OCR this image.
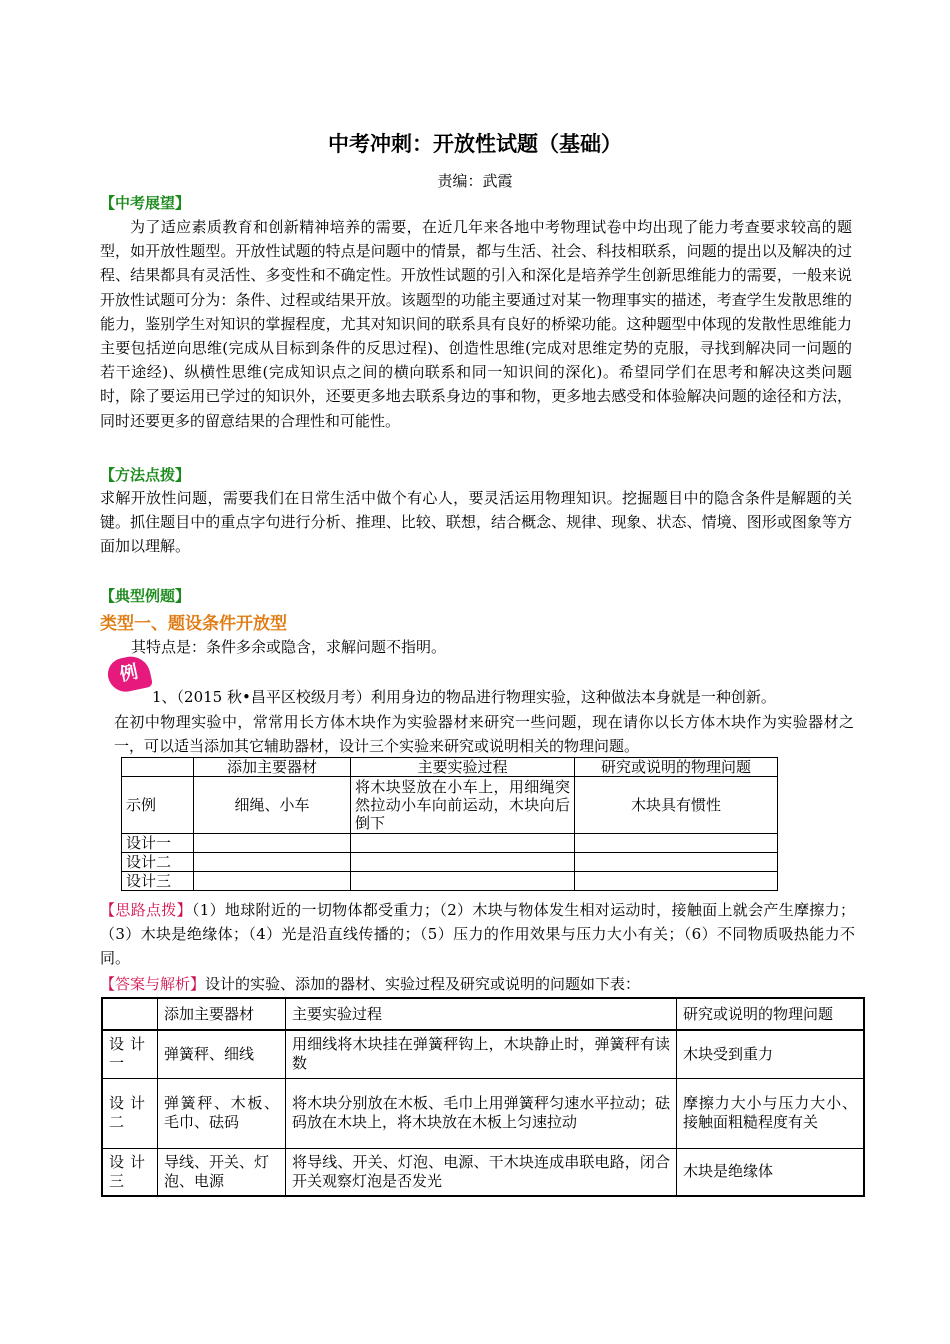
中考冲刺：开放性试题（基础）
责编：武霞
【中考展望】
为了适应素质教育和创新精神培养的需要，在近几年来各地中考物理试卷中均出现了能力考查要求较高的题型，如开放性题型。开放性试题的特点是问题中的情景，都与生活、社会、科技相联系，问题的提出以及解决的过程、结果都具有灵活性、多变性和不确定性。开放性试题的引入和深化是培养学生创新思维能力的需要，一般来说开放性试题可分为：条件、过程或结果开放。该题型的功能主要通过对某一物理事实的描述，考查学生发散思维的能力，鉴别学生对知识的掌握程度，尤其对知识间的联系具有良好的桥梁功能。这种题型中体现的发散性思维能力主要包括逆向思维(完成从目标到条件的反思过程)、创造性思维(完成对思维定势的克服，寻找到解决同一问题的若干途经)、纵横性思维(完成知识点之间的横向联系和同一知识间的深化)。希望同学们在思考和解决这类问题时，除了要运用已学过的知识外，还要更多地去联系身边的事和物，更多地去感受和体验解决问题的途径和方法，同时还要更多的留意结果的合理性和可能性。
【方法点拨】
求解开放性问题，需要我们在日常生活中做个有心人，要灵活运用物理知识。挖掘题目中的隐含条件是解题的关键。抓住题目中的重点字句进行分析、推理、比较、联想，结合概念、规律、现象、状态、情境、图形或图象等方面加以理解。
【典型例题】
类型一、题设条件开放型
其特点是：条件多余或隐含，求解问题不指明。
例
1、（2015 秋•昌平区校级月考）利用身边的物品进行物理实验，这种做法本身就是一种创新。
在初中物理实验中，常常用长方体木块作为实验器材来研究一些问题，现在请你以长方体木块作为实验器材之一，可以适当添加其它辅助器材，设计三个实验来研究或说明相关的物理问题。
	添加主要器材	主要实验过程	研究或说明的物理问题
示例	细绳、小车	将木块竖放在小车上，用细绳突然拉动小车向前运动，木块向后倒下	木块具有惯性
设计一			
设计二			
设计三			
【思路点拨】（1）地球附近的一切物体都受重力；（2）木块与物体发生相对运动时，接触面上就会产生摩擦力；（3）木块是绝缘体；（4）光是沿直线传播的；（5）压力的作用效果与压力大小有关；（6）不同物质吸热能力不同。
【答案与解析】设计的实验、添加的器材、实验过程及研究或说明的问题如下表：
	添加主要器材	主要实验过程	研究或说明的物理问题
设计一	弹簧秤、细线	用细线将木块挂在弹簧秤钩上，木块静止时，弹簧秤有读数	木块受到重力
设计二	弹簧秤、木板、毛巾、砝码	将木块分别放在木板、毛巾上用弹簧秤匀速水平拉动；砝码放在木块上，将木块放在木板上匀速拉动	摩擦力大小与压力大小、接触面粗糙程度有关
设计三	导线、开关、灯泡、电源	将导线、开关、灯泡、电源、干木块连成串联电路，闭合开关观察灯泡是否发光	木块是绝缘体
